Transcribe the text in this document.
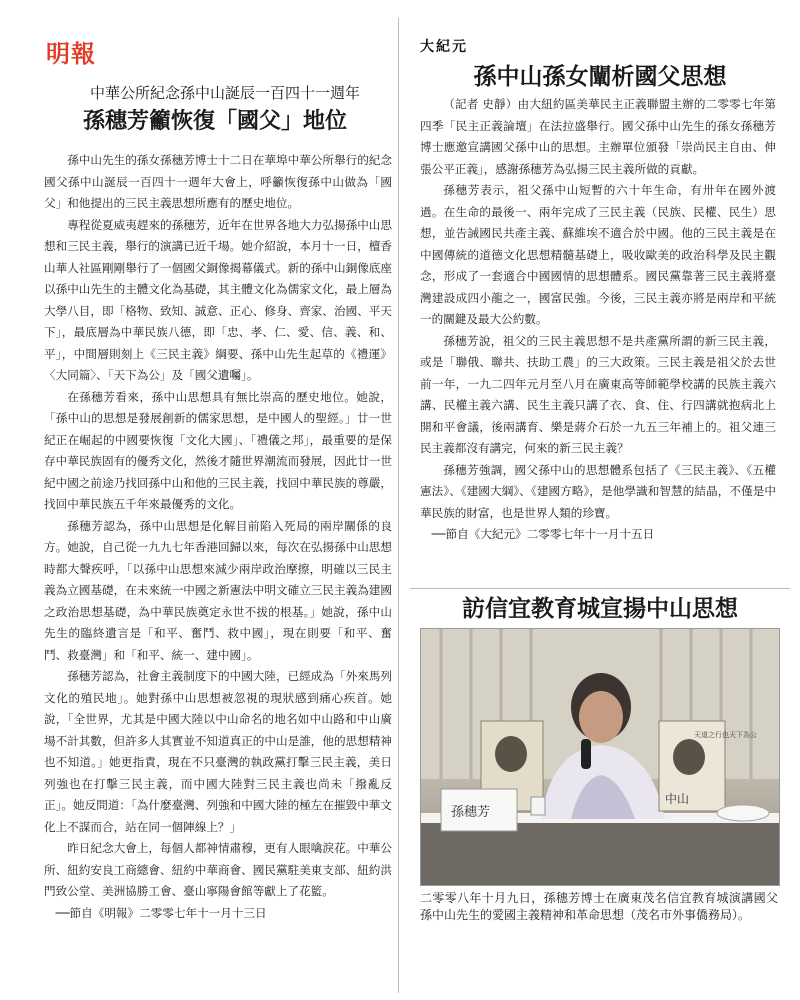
明報
中華公所紀念孫中山誕辰一百四十一週年
孫穗芳籲恢復「國父」地位

孫中山先生的孫女孫穗芳博士十二日在華埠中華公所舉行的紀念國父孫中山誕辰一百四十一週年大會上，呼籲恢復孫中山做為「國父」和他提出的三民主義思想所應有的歷史地位。

專程從夏威夷趕來的孫穗芳，近年在世界各地大力弘揚孫中山思想和三民主義，舉行的演講已近千場。她介紹說，本月十一日，檀香山華人社區剛剛舉行了一個國父銅像揭幕儀式。新的孫中山銅像底座以孫中山先生的主體文化為基礎，其主體文化為儒家文化，最上層為大學八目，即「格物、致知、誠意、正心、修身、齊家、治國、平天下」，最底層為中華民族八德，即「忠、孝、仁、愛、信、義、和、平」，中間層則刻上《三民主義》綱要、孫中山先生起草的《禮運》〈大同篇〉、「天下為公」及「國父遺囑」。

在孫穗芳看來，孫中山思想具有無比崇高的歷史地位。她說，「孫中山的思想是發展創新的儒家思想，是中國人的聖經。」廿一世紀正在崛起的中國要恢復「文化大國」、「禮儀之邦」，最重要的是保存中華民族固有的優秀文化，然後才隨世界潮流而發展，因此廿一世紀中國之前途乃找回孫中山和他的三民主義，找回中華民族的尊嚴，找回中華民族五千年來最優秀的文化。

孫穗芳認為，孫中山思想是化解目前陷入死局的兩岸關係的良方。她說，自己從一九九七年香港回歸以來，每次在弘揚孫中山思想時都大聲疾呼，「以孫中山思想來減少兩岸政治摩擦，明確以三民主義為立國基礎，在未來統一中國之新憲法中明文確立三民主義為建國之政治思想基礎，為中華民族奠定永世不拔的根基。」她說，孫中山先生的臨終遺言是「和平、奮鬥、救中國」，現在則要「和平、奮鬥、救臺灣」和「和平、統一、建中國」。

孫穗芳認為，社會主義制度下的中國大陸，已經成為「外來馬列文化的殖民地」。她對孫中山思想被忽視的現狀感到痛心疾首。她說，「全世界，尤其是中國大陸以中山命名的地名如中山路和中山廣場不計其數，但許多人其實並不知道真正的中山是誰，他的思想精神也不知道。」她更指責，現在不只臺灣的執政黨打擊三民主義，美日列強也在打擊三民主義，而中國大陸對三民主義也尚未「撥亂反正」。她反問道：「為什麼臺灣、列強和中國大陸的極左在摧毀中華文化上不謀而合，站在同一個陣線上？」

昨日紀念大會上，每個人都神情肅穆，更有人眼噙淚花。中華公所、紐約安良工商總會、紐約中華商會、國民黨駐美東支部、紐約洪門致公堂、美洲協勝工會、臺山寧陽會館等獻上了花籃。

──節自《明報》二零零七年十一月十三日

大紀元
孫中山孫女闡析國父思想

（記者 史靜）由大紐約區美華民主正義聯盟主辦的二零零七年第四季「民主正義論壇」在法拉盛舉行。國父孫中山先生的孫女孫穗芳博士應邀宣講國父孫中山的思想。主辦單位頒發「崇尚民主自由、伸張公平正義」，感謝孫穗芳為弘揚三民主義所做的貢獻。

孫穗芳表示，祖父孫中山短暫的六十年生命，有卅年在國外渡過。在生命的最後一、兩年完成了三民主義（民族、民權、民生）思想，並告誡國民共產主義、蘇維埃不適合於中國。他的三民主義是在中國傳統的道德文化思想精髓基礎上，吸收歐美的政治科學及民主觀念，形成了一套適合中國國情的思想體系。國民黨靠著三民主義將臺灣建設成四小龍之一，國富民強。今後，三民主義亦將是兩岸和平統一的關鍵及最大公約數。

孫穗芳說，祖父的三民主義思想不是共產黨所謂的新三民主義，或是「聯俄、聯共、扶助工農」的三大政策。三民主義是祖父於去世前一年，一九二四年元月至八月在廣東高等師範學校講的民族主義六講、民權主義六講、民生主義只講了衣、食、住、行四講就抱病北上開和平會議，後兩講育、樂是蔣介石於一九五三年補上的。祖父連三民主義都沒有講完，何來的新三民主義？

孫穗芳強調，國父孫中山的思想體系包括了《三民主義》、《五權憲法》、《建國大綱》、《建國方略》，是他學識和智慧的結晶，不僅是中華民族的財富，也是世界人類的珍寶。

──節自《大紀元》二零零七年十一月十五日

訪信宜教育城宣揚中山思想
天道之行也天下為公
中山
孫穗芳
二零零八年十月九日，孫穗芳博士在廣東茂名信宜教育城演講國父孫中山先生的愛國主義精神和革命思想（茂名市外事僑務局）。
